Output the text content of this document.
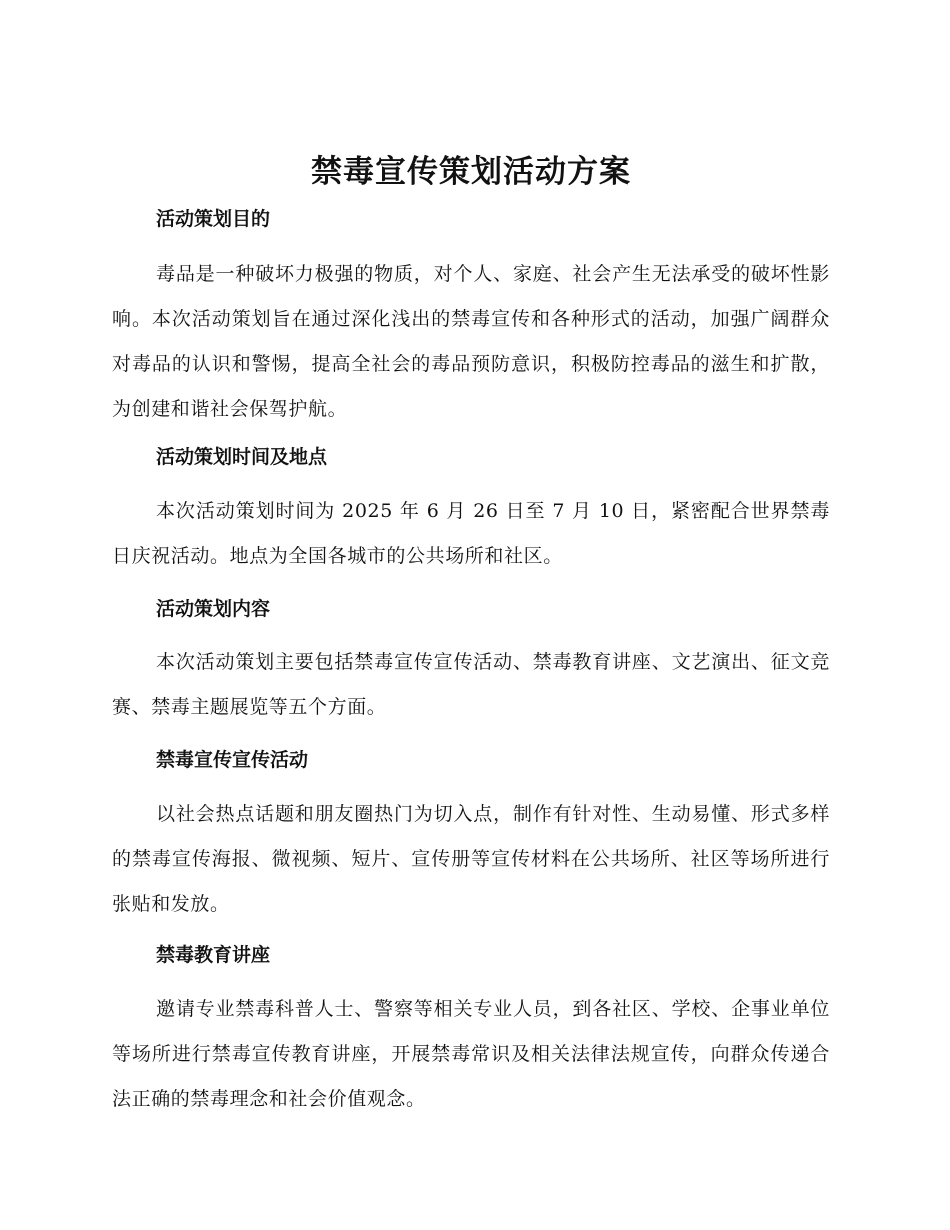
禁毒宣传策划活动方案
活动策划目的
毒品是一种破坏力极强的物质，对个人、家庭、社会产生无法承受的破坏性影响。本次活动策划旨在通过深化浅出的禁毒宣传和各种形式的活动，加强广阔群众对毒品的认识和警惕，提高全社会的毒品预防意识，积极防控毒品的滋生和扩散，为创建和谐社会保驾护航。
活动策划时间及地点
本次活动策划时间为 2025 年 6 月 26 日至 7 月 10 日，紧密配合世界禁毒日庆祝活动。地点为全国各城市的公共场所和社区。
活动策划内容
本次活动策划主要包括禁毒宣传宣传活动、禁毒教育讲座、文艺演出、征文竞赛、禁毒主题展览等五个方面。
禁毒宣传宣传活动
以社会热点话题和朋友圈热门为切入点，制作有针对性、生动易懂、形式多样的禁毒宣传海报、微视频、短片、宣传册等宣传材料在公共场所、社区等场所进行张贴和发放。
禁毒教育讲座
邀请专业禁毒科普人士、警察等相关专业人员，到各社区、学校、企事业单位等场所进行禁毒宣传教育讲座，开展禁毒常识及相关法律法规宣传，向群众传递合法正确的禁毒理念和社会价值观念。
